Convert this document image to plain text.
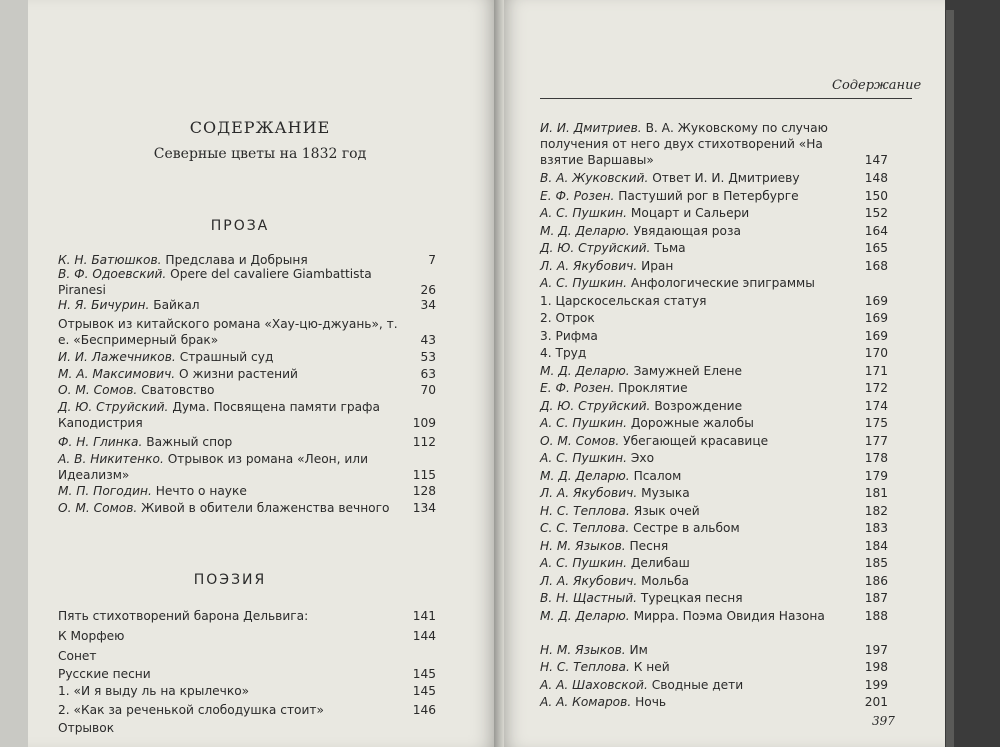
СОДЕРЖАНИЕ
Северные цветы на 1832 год
ПРОЗА
ПОЭЗИЯ
Содержание
397
К. Н. Батюшков. Предслава и Добрыня	7
В. Ф. Одоевский. Opere del cavaliere Giambattista Piranesi	26
Н. Я. Бичурин. Байкал	34
Отрывок из китайского романа «Хау-цю-джуань», т. е. «Беспримерный брак»	43
И. И. Лажечников. Страшный суд	53
М. А. Максимович. О жизни растений	63
О. М. Сомов. Сватовство	70
Д. Ю. Струйский. Дума. Посвящена памяти графа Каподистрия	109
Ф. Н. Глинка. Важный спор	112
А. В. Никитенко. Отрывок из романа «Леон, или Идеализм»	115
М. П. Погодин. Нечто о науке	128
О. М. Сомов. Живой в обители блаженства вечного	134
Пять стихотворений барона Дельвига:	141
К Морфею	144
Сонет
Русские песни	145
1. «И я выду ль на крылечко»	145
2. «Как за реченькой слободушка стоит»	146
Отрывок
И. И. Дмитриев. В. А. Жуковскому по случаю получения от него двух стихотворений «На взятие Варшавы»	147
В. А. Жуковский. Ответ И. И. Дмитриеву	148
Е. Ф. Розен. Пастуший рог в Петербурге	150
А. С. Пушкин. Моцарт и Сальери	152
М. Д. Деларю. Увядающая роза	164
Д. Ю. Струйский. Тьма	165
Л. А. Якубович. Иран	168
А. С. Пушкин. Анфологические эпиграммы
1. Царскосельская статуя	169
2. Отрок	169
3. Рифма	169
4. Труд	170
М. Д. Деларю. Замужней Елене	171
Е. Ф. Розен. Проклятие	172
Д. Ю. Струйский. Возрождение	174
А. С. Пушкин. Дорожные жалобы	175
О. М. Сомов. Убегающей красавице	177
А. С. Пушкин. Эхо	178
М. Д. Деларю. Псалом	179
Л. А. Якубович. Музыка	181
Н. С. Теплова. Язык очей	182
С. С. Теплова. Сестре в альбом	183
Н. М. Языков. Песня	184
А. С. Пушкин. Делибаш	185
Л. А. Якубович. Мольба	186
В. Н. Щастный. Турецкая песня	187
М. Д. Деларю. Мирра. Поэма Овидия Назона	188
Н. М. Языков. Им	197
Н. С. Теплова. К ней	198
А. А. Шаховской. Сводные дети	199
А. А. Комаров. Ночь	201
